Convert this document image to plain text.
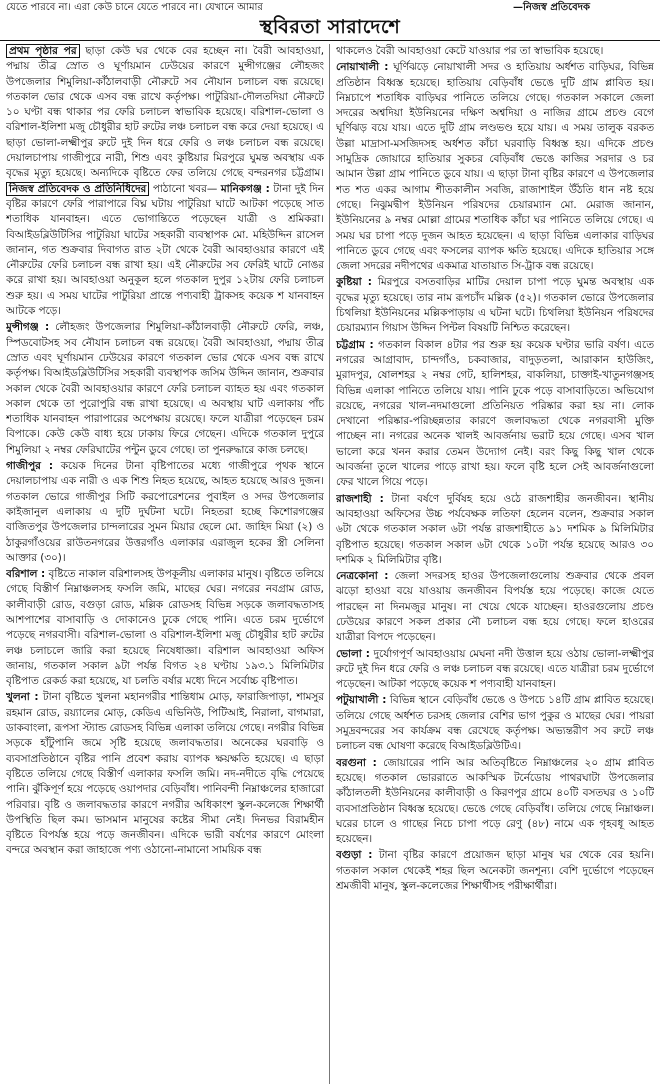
যেতে পারবে না। এরা কেউ চানে যেতে পারবে না। যেখানে আমার	—নিজস্ব প্রতিবেদক
স্থবিরতা সারাদেশে

প্রথম পৃষ্ঠার পর ছাড়া কেউ ঘর থেকে বের হচ্ছেন না। বৈরী আবহাওয়া, পদ্মায় তীব্র স্রোত ও ঘূর্ণায়মান ঢেউয়ের কারণে মুন্সীগঞ্জের লৌহজং উপজেলার শিমুলিয়া-কাঁঠালবাড়ী নৌরুটে সব নৌযান চলাচল বন্ধ রয়েছে। গতকাল ভোর থেকে এসব বন্ধ রাখে কর্তৃপক্ষ। পাটুরিয়া-দৌলতদিয়া নৌরুটে ১০ ঘণ্টা বন্ধ থাকার পর ফেরি চলাচল স্বাভাবিক হয়েছে। বরিশাল-ভোলা ও বরিশাল-ইলিশা মজু চৌধুরীর হাট রুটের লঞ্চ চলাচল বন্ধ করে দেয়া হয়েছে। এ ছাড়া ভোলা-লক্ষ্মীপুর রুটে দুই দিন ধরে ফেরি ও লঞ্চ চলাচল বন্ধ রয়েছে। দেয়ালচাপায় গাজীপুরে নারী, শিশু এবং কুষ্টিয়ার মিরপুরে ঘুমন্ত অবস্থায় এক বৃদ্ধের মৃত্যু হয়েছে। অন্যদিকে বৃষ্টিতে ফের তলিয়ে গেছে বন্দরনগর চট্টগ্রাম। নিজস্ব প্রতিবেদক ও প্রতিনিধিদের পাঠানো খবর— মানিকগঞ্জ : টানা দুই দিন বৃষ্টির কারণে ফেরি পারাপারে বিঘ্ন ঘটায় পাটুরিয়া ঘাটে আটকা পড়েছে সাত শতাধিক যানবাহন। এতে ভোগান্তিতে পড়েছেন যাত্রী ও শ্রমিকরা। বিআইডব্লিউটিসির পাটুরিয়া ঘাটের সহকারী ব্যবস্থাপক মো. মহিউদ্দিন রাসেল জানান, গত শুক্রবার দিবাগত রাত ২টা থেকে বৈরী আবহাওয়ার কারণে এই নৌরুটের ফেরি চলাচল বন্ধ রাখা হয়। এই নৌরুটের সব ফেরিই ঘাটে নোঙর করে রাখা হয়। আবহাওয়া অনুকূল হলে গতকাল দুপুর ১২টায় ফেরি চলাচল শুরু হয়। এ সময় ঘাটের পাটুরিয়া প্রান্তে পণ্যবাহী ট্রাকসহ কয়েক শ যানবাহন আটকে পড়ে।

মুন্সীগঞ্জ : লৌহজং উপজেলার শিমুলিয়া-কাঁঠালবাড়ী নৌরুটে ফেরি, লঞ্চ, স্পিডবোটসহ সব নৌযান চলাচল বন্ধ রয়েছে। বৈরী আবহাওয়া, পদ্মায় তীব্র স্রোত এবং ঘূর্ণায়মান ঢেউয়ের কারণে গতকাল ভোর থেকে এসব বন্ধ রাখে কর্তৃপক্ষ। বিআইডব্লিউটিসির সহকারী ব্যবস্থাপক জসিম উদ্দিন জানান, শুক্রবার সকাল থেকে বৈরী আবহাওয়ার কারণে ফেরি চলাচল ব্যাহত হয় এবং গতকাল সকাল থেকে তা পুরোপুরি বন্ধ রাখা হয়েছে। এ অবস্থায় ঘাট এলাকায় পাঁচ শতাধিক যানবাহন পারাপারের অপেক্ষায় রয়েছে। ফলে যাত্রীরা পড়েছেন চরম বিপাকে। কেউ কেউ বাধ্য হয়ে ঢাকায় ফিরে গেছেন। এদিকে গতকাল দুপুরে শিমুলিয়া ২ নম্বর ফেরিঘাটের পন্টুন ডুবে গেছে। তা পুনরুদ্ধারে কাজ চলছে।

গাজীপুর : কয়েক দিনের টানা বৃষ্টিপাতের মধ্যে গাজীপুরে পৃথক স্থানে দেয়ালচাপায় এক নারী ও এক শিশু নিহত হয়েছে, আহত হয়েছে আরও দুজন। গতকাল ভোরে গাজীপুর সিটি করপোরেশনের পুবাইল ও সদর উপজেলার কাইজানুল এলাকায় এ দুটি দুর্ঘটনা ঘটে। নিহতরা হচ্ছে কিশোরগঞ্জের বাজিতপুর উপজেলার চান্দলারের সুমন মিয়ার ছেলে মো. জাহিদ মিয়া (২) ও ঠাকুরগাঁওয়ের রাউতনগরের উত্তরগাঁও এলাকার এরাজুল হকের স্ত্রী সেলিনা আক্তার (৩০)।

বরিশাল : বৃষ্টিতে নাকাল বরিশালসহ উপকূলীয় এলাকার মানুষ। বৃষ্টিতে তলিয়ে গেছে বিস্তীর্ণ নিম্নাঞ্চলসহ ফসলি জমি, মাছের ঘের। নগরের নবগ্রাম রোড, কালীবাড়ী রোড, বগুড়া রোড, মল্লিক রোডসহ বিভিন্ন সড়কে জলাবদ্ধতাসহ আশপাশের বাসাবাড়ি ও দোকানেও ঢুকে গেছে পানি। এতে চরম দুর্ভোগে পড়েছে নগরবাসী। বরিশাল-ভোলা ও বরিশাল-ইলিশা মজু চৌধুরীর হাট রুটের লঞ্চ চলাচলে জারি করা হয়েছে নিষেধাজ্ঞা। বরিশাল আবহাওয়া অফিস জানায়, গতকাল সকাল ৯টা পর্যন্ত বিগত ২৪ ঘণ্টায় ১৯৩.১ মিলিমিটার বৃষ্টিপাত রেকর্ড করা হয়েছে, যা চলতি বর্ষার মধ্যে দিনে সর্বোচ্চ বৃষ্টিপাত।

খুলনা : টানা বৃষ্টিতে খুলনা মহানগরীর শান্তিধাম মোড়, ফারাজিপাড়া, শামসুর রহমান রোড, রয়্যালের মোড়, কেডিএ এভিনিউ, পিটিআই, নিরালা, বাগমারা, ডাকবাংলা, রূপসা স্ট্যান্ড রোডসহ বিভিন্ন এলাকা তলিয়ে গেছে। নগরীর বিভিন্ন সড়কে হাঁটুপানি জমে সৃষ্টি হয়েছে জলাবদ্ধতার। অনেকের ঘরবাড়ি ও ব্যবসাপ্রতিষ্ঠানে বৃষ্টির পানি প্রবেশ করায় ব্যাপক ক্ষয়ক্ষতি হয়েছে। এ ছাড়া বৃষ্টিতে তলিয়ে গেছে বিস্তীর্ণ এলাকার ফসলি জমি। নদ-নদীতে বৃদ্ধি পেয়েছে পানি। ঝুঁকিপূর্ণ হয়ে পড়েছে ওয়াপদার বেড়িবাঁধ। পানিবন্দী নিম্নাঞ্চলের হাজারো পরিবার। বৃষ্টি ও জলাবদ্ধতার কারণে নগরীর অধিকাংশ স্কুল-কলেজে শিক্ষার্থী উপস্থিতি ছিল কম। ভাসমান মানুষের কষ্টের সীমা নেই। দিনভর বিরামহীন বৃষ্টিতে বিপর্যস্ত হয়ে পড়ে জনজীবন। এদিকে ভারী বর্ষণের কারণে মোংলা বন্দরে অবস্থান করা জাহাজে পণ্য ওঠানো-নামানো সাময়িক বন্ধ

থাকলেও বৈরী আবহাওয়া কেটে যাওয়ার পর তা স্বাভাবিক হয়েছে।

নোয়াখালী : ঘূর্ণিঝড়ে নোয়াখালী সদর ও হাতিয়ায় অর্ধশত বাড়িঘর, বিভিন্ন প্রতিষ্ঠান বিধ্বস্ত হয়েছে। হাতিয়ায় বেড়িবাঁধ ভেঙে দুটি গ্রাম প্লাবিত হয়। নিম্নচাপে শতাধিক বাড়িঘর পানিতে তলিয়ে গেছে। গতকাল সকালে জেলা সদরের অশ্বদিয়া ইউনিয়নের দক্ষিণ অশ্বদিয়া ও নাজির গ্রামে প্রচণ্ড বেগে ঘূর্ণিঝড় বয়ে যায়। এতে দুটি গ্রাম লণ্ডভণ্ড হয়ে যায়। এ সময় তালুক বরকত উল্লা মাদ্রাসা-মসজিদসহ অর্ধশত কাঁচা ঘরবাড়ি বিধ্বস্ত হয়। এদিকে প্রচণ্ড সামুদ্রিক জোয়ারে হাতিয়ার সুকচর বেড়িবাঁধ ভেঙে কাজির সরদার ও চর আমান উল্লা গ্রাম পানিতে ডুবে যায়। এ ছাড়া টানা বৃষ্টির কারণে এ উপজেলার শত শত একর আগাম শীতকালীন সবজি, রাজাশাইল উঁঠতি ধান নষ্ট হয়ে গেছে। নিঝুমদ্বীপ ইউনিয়ন পরিষদের চেয়ারম্যান মো. মেরাজ জানান, ইউনিয়নের ৯ নম্বর মোল্লা গ্রামের শতাধিক কাঁচা ঘর পানিতে তলিয়ে গেছে। এ সময় ঘর চাপা পড়ে দুজন আহত হয়েছেন। এ ছাড়া বিভিন্ন এলাকার বাড়িঘর পানিতে ডুবে গেছে এবং ফসলের ব্যাপক ক্ষতি হয়েছে। এদিকে হাতিয়ার সঙ্গে জেলা সদরের নদীপথের একমাত্র যাতায়াত সি-ট্রাক বন্ধ রয়েছে।

কুষ্টিয়া : মিরপুরে বসতবাড়ির মাটির দেয়াল চাপা পড়ে ঘুমন্ত অবস্থায় এক বৃদ্ধের মৃত্যু হয়েছে। তার নাম রূপচাঁদ মল্লিক (৫২)। গতকাল ভোরে উপজেলার চিথলিয়া ইউনিয়নের মল্লিকপাড়ায় এ ঘটনা ঘটে। চিথলিয়া ইউনিয়ন পরিষদের চেয়ারম্যান গিয়াস উদ্দিন পিন্টল বিষয়টি নিশ্চিত করেছেন।

চট্টগ্রাম : গতকাল বিকাল ৪টার পর শুরু হয় কয়েক ঘণ্টার ভারি বর্ষণ। এতে নগরের আগ্রাবাদ, চান্দগাঁও, চকবাজার, বাদুড়তলা, আরাকান হাউজিং, মুরাদপুর, ষোলশহর ২ নম্বর গেট, হালিশহর, বাকলিয়া, চাক্তাই-খাতুনগঞ্জসহ বিভিন্ন এলাকা পানিতে তলিয়ে যায়। পানি ঢুকে পড়ে বাসাবাড়িতে। অভিযোগ রয়েছে, নগরের খাল-নদমাগুলো প্রতিনিয়ত পরিষ্কার করা হয় না। লোক দেখানো পরিষ্কার-পরিচ্ছন্নতার কারণে জলাবদ্ধতা থেকে নগরবাসী মুক্তি পাচ্ছেন না। নগরের অনেক খালই আবর্জনায় ভরাট হয়ে গেছে। এসব খাল ভালো করে খনন করার তেমন উদ্যোগ নেই। বরং কিছু কিছু খাল থেকে আবর্জনা তুলে খালের পাড়ে রাখা হয়। ফলে বৃষ্টি হলে সেই আবর্জনাগুলো ফের খালে গিয়ে পড়ে।

রাজশাহী : টানা বর্ষণে দুর্বিষহ হয়ে ওঠে রাজশাহীর জনজীবন। স্থানীয় আবহাওয়া অফিসের উচ্চ পর্যবেক্ষক লতিফা হেলেন বলেন, শুক্রবার সকাল ৬টা থেকে গতকাল সকাল ৬টা পর্যন্ত রাজশাহীতে ৯১ দশমিক ৯ মিলিমিটার বৃষ্টিপাত হয়েছে। গতকাল সকাল ৬টা থেকে ১০টা পর্যন্ত হয়েছে আরও ৩০ দশমিক ২ মিলিমিটার বৃষ্টি।

নেত্রকোনা : জেলা সদরসহ হাওর উপজেলাগুলোয় শুক্রবার থেকে প্রবল ঝড়ো হাওয়া বয়ে যাওয়ায় জনজীবন বিপর্যস্ত হয়ে পড়েছে। কাজে যেতে পারছেন না দিনমজুর মানুষ। না খেয়ে থেকে যাচ্ছেন। হাওরগুলোয় প্রচণ্ড ঢেউয়ের কারণে সকল প্রকার নৌ চলাচল বন্ধ হয়ে গেছে। ফলে হাওরের যাত্রীরা বিপদে পড়েছেন।

ভোলা : দুর্যোগপূর্ণ আবহাওয়ায় মেঘনা নদী উত্তাল হয়ে ওঠায় ভোলা-লক্ষ্মীপুর রুটে দুই দিন ধরে ফেরি ও লঞ্চ চলাচল বন্ধ রয়েছে। এতে যাত্রীরা চরম দুর্ভোগে পড়েছেন। আটকা পড়েছে কয়েক শ পণ্যবাহী যানবাহন।

পটুয়াখালী : বিভিন্ন স্থানে বেড়িবাঁধ ভেঙে ও উপচে ১৪টি গ্রাম প্লাবিত হয়েছে। তলিয়ে গেছে অর্ধশত চরসহ জেলার বেশির ভাগ পুকুর ও মাছের ঘের। পায়রা সমুদ্রবন্দরের সব কার্যক্রম বন্ধ রেখেছে কর্তৃপক্ষ। অভ্যন্তরীণ সব রুটে লঞ্চ চলাচল বন্ধ ঘোষণা করেছে বিআইডব্লিউটিএ।

বরগুনা : জোয়ারের পানি আর অতিবৃষ্টিতে নিম্নাঞ্চলের ২০ গ্রাম প্লাবিত হয়েছে। গতকাল ভোররাতে আকস্মিক টর্নেডোয় পাথরঘাটা উপজেলার কাঁঠালতলী ইউনিয়নের কালীবাড়ী ও কিরণপুর গ্রামে ৪০টি বসতঘর ও ১০টি ব্যবসাপ্রতিষ্ঠান বিধ্বস্ত হয়েছে। ভেঙে গেছে বেড়িবাঁধ। তলিয়ে গেছে নিম্নাঞ্চল। ঘরের চালে ও গাছের নিচে চাপা পড়ে রেণু (৪৮) নামে এক গৃহবধূ আহত হয়েছেন।

বগুড়া : টানা বৃষ্টির কারণে প্রয়োজন ছাড়া মানুষ ঘর থেকে বের হয়নি। গতকাল সকাল থেকেই শহর ছিল অনেকটা জনশূন্য। বেশি দুর্ভোগে পড়েছেন শ্রমজীবী মানুষ, স্কুল-কলেজের শিক্ষার্থীসহ পরীক্ষার্থীরা।
